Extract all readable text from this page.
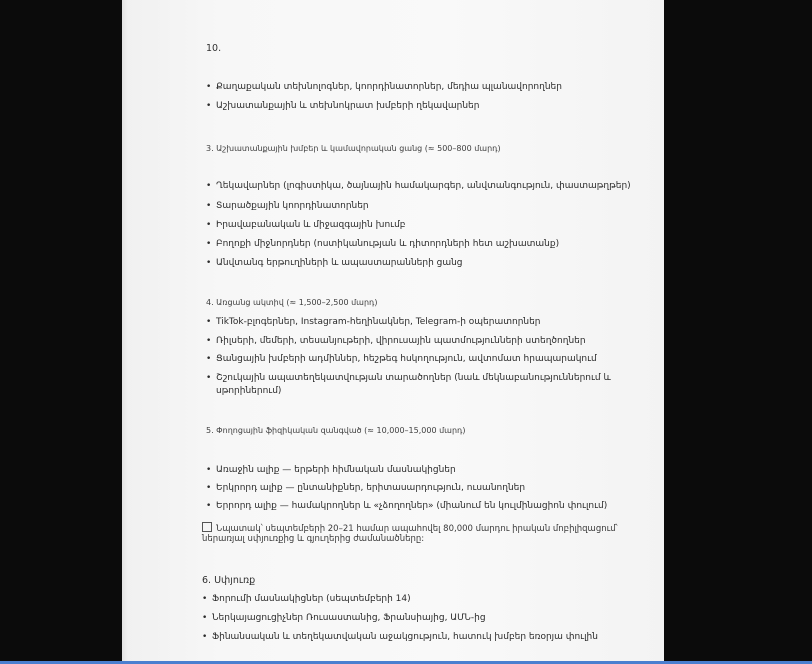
10.
• Քաղաքական տեխնոլոգներ, կոորդինատորներ, մեդիա պլանավորողներ
• Աշխատանքային և տեխնոկրատ խմբերի ղեկավարներ
3. Աշխատանքային խմբեր և կամավորական ցանց (≈ 500–800 մարդ)
• Ղեկավարներ (լոգիստիկա, ծայնային համակարգեր, անվտանգություն, փաստաթղթեր)
• Տարածքային կոորդինատորներ
• Իրավաբանական և միջազգային խումբ
• Բողոքի միջնորդներ (ոստիկանության և դիտորդների հետ աշխատանք)
• Անվտանգ երթուղիների և ապաստարանների ցանց
4. Առցանց ակտիվ (≈ 1,500–2,500 մարդ)
• TikTok-բլոգերներ, Instagram-հեղինակներ, Telegram-ի օպերատորներ
• Ռիլսերի, մեմերի, տեսանյութերի, վիրուսային պատմությունների ստեղծողներ
• Ցանցային խմբերի ադմիններ, հեշթեգ հսկողություն, ավտոմատ հրապարակում
• Շշուկային ապատեղեկատվության տարածողներ (նաև մեկնաբանություններում և
սթորիներում)
5. Փողոցային ֆիզիկական զանգված (≈ 10,000–15,000 մարդ)
• Առաջին ալիք — երթերի հիմնական մասնակիցներ
• Երկրորդ ալիք — ընտանիքներ, երիտասարդություն, ուսանողներ
• Երրորդ ալիք — համակրողներ և «չձողողներ» (միանում են կուլմինացիոն փուլում)
Նպատակ՝ սեպտեմբերի 20–21 համար ապահովել 80,000 մարդու իրական մոբիլիզացում՝
ներառյալ սփյուռքից և գյուղերից ժամանածները:
6. Սփյուռք
• Ֆորումի մասնակիցներ (սեպտեմբերի 14)
• Ներկայացուցիչներ Ռուսաստանից, Ֆրանսիայից, ԱՄՆ-ից
• Ֆինանսական և տեղեկատվական աջակցություն, հատուկ խմբեր եռօրյա փուլին
